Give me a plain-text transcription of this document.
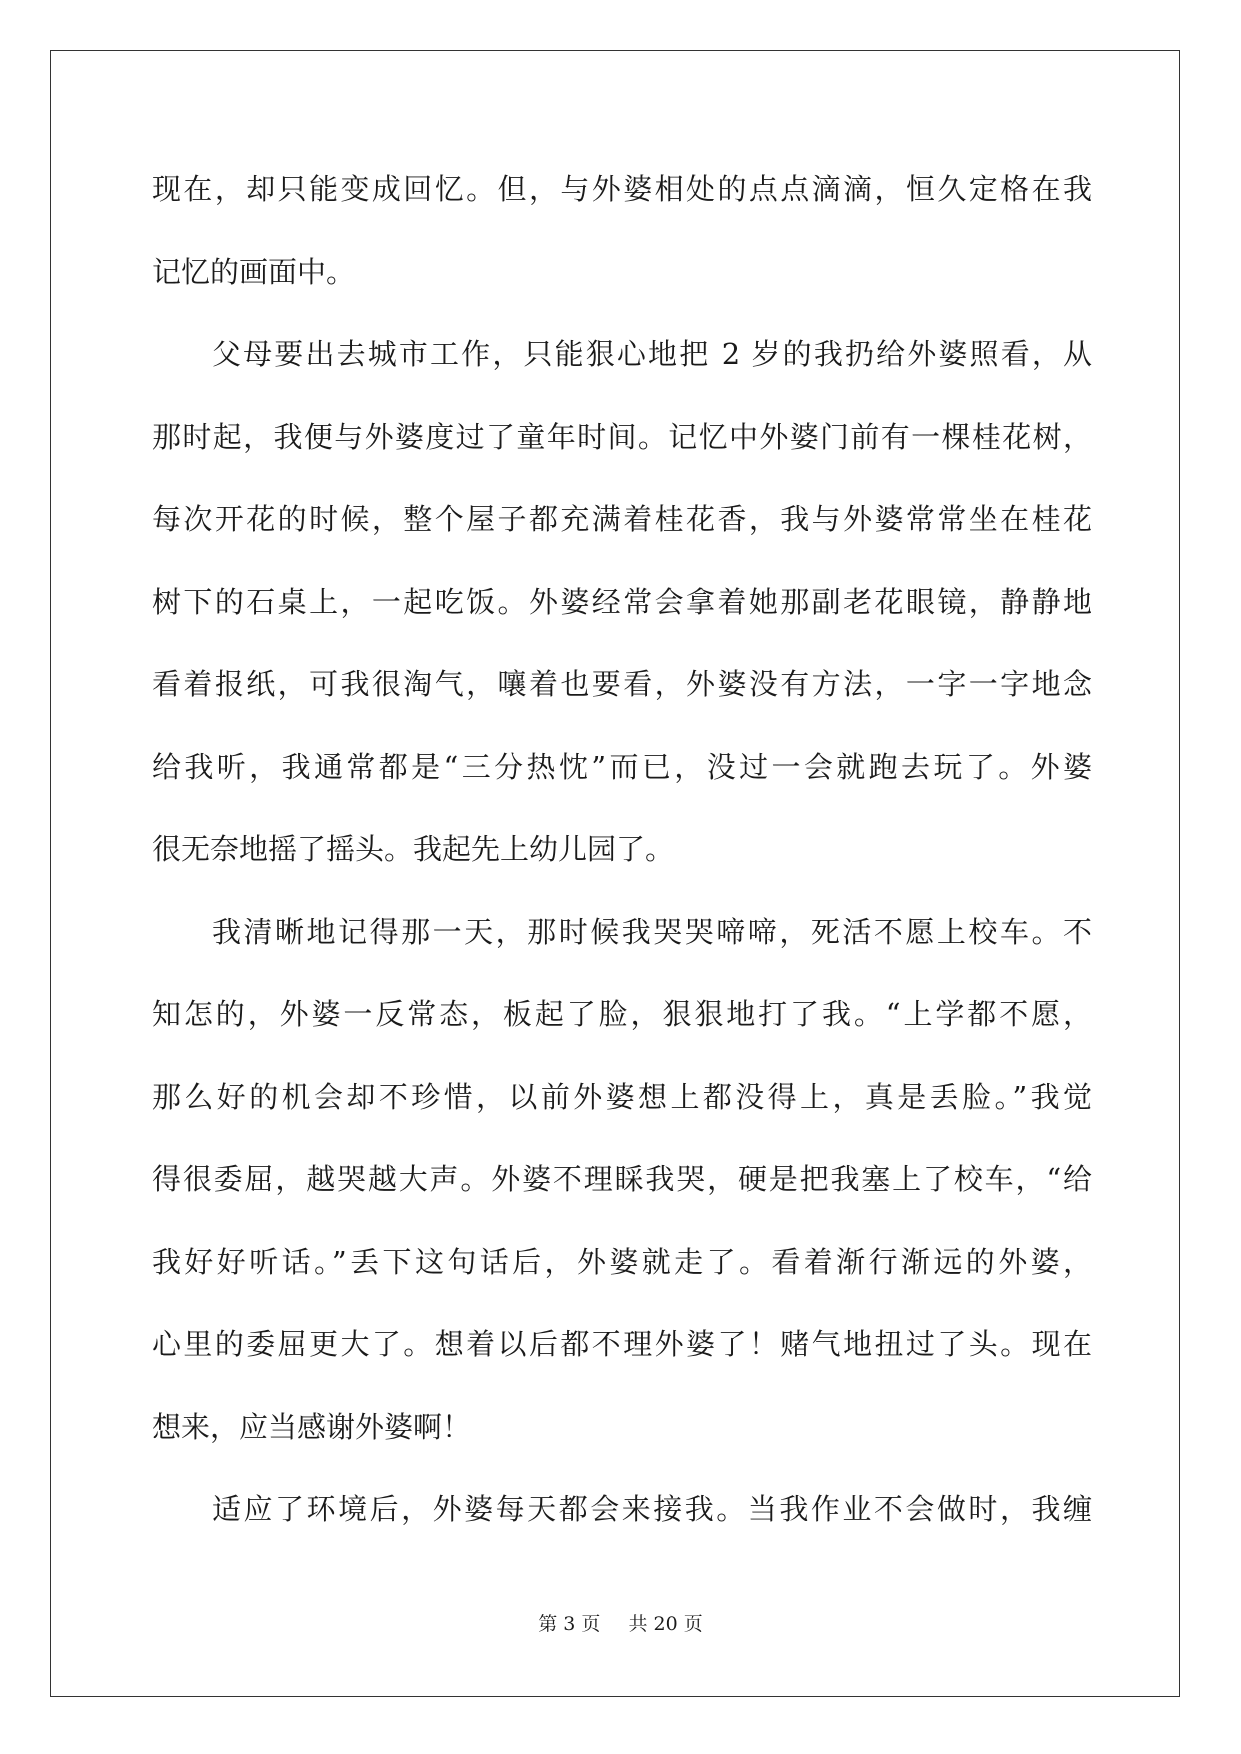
现在，却只能变成回忆。但，与外婆相处的点点滴滴，恒久定格在我
记忆的画面中。
父母要出去城市工作，只能狠心地把 2 岁的我扔给外婆照看，从
那时起，我便与外婆度过了童年时间。记忆中外婆门前有一棵桂花树，
每次开花的时候，整个屋子都充满着桂花香，我与外婆常常坐在桂花
树下的石桌上，一起吃饭。外婆经常会拿着她那副老花眼镜，静静地
看着报纸，可我很淘气，嚷着也要看，外婆没有方法，一字一字地念
给我听，我通常都是“三分热忱”而已，没过一会就跑去玩了。外婆
很无奈地摇了摇头。我起先上幼儿园了。
我清晰地记得那一天，那时候我哭哭啼啼，死活不愿上校车。不
知怎的，外婆一反常态，板起了脸，狠狠地打了我。“上学都不愿，
那么好的机会却不珍惜，以前外婆想上都没得上，真是丢脸。”我觉
得很委屈，越哭越大声。外婆不理睬我哭，硬是把我塞上了校车，“给
我好好听话。”丢下这句话后，外婆就走了。看着渐行渐远的外婆，
心里的委屈更大了。想着以后都不理外婆了！赌气地扭过了头。现在
想来，应当感谢外婆啊！
适应了环境后，外婆每天都会来接我。当我作业不会做时，我缠
第 3 页 共 20 页
